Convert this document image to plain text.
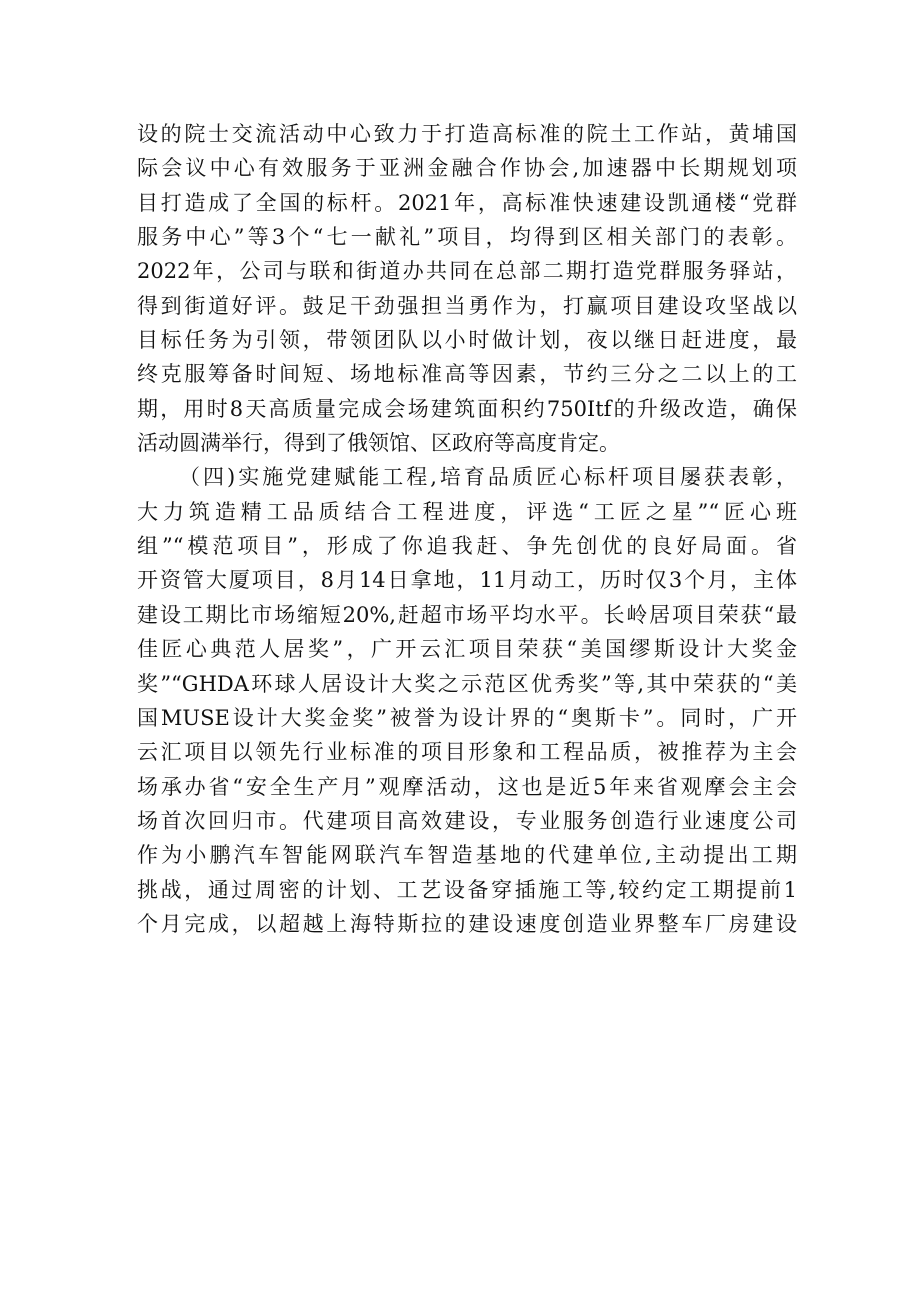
设的院士交流活动中心致力于打造高标准的院土工作站，黄埔国
际会议中心有效服务于亚洲金融合作协会,加速器中长期规划项
目打造成了全国的标杆。2021年，高标准快速建设凯通楼“党群
服务中心”等3个“七一献礼”项目，均得到区相关部门的表彰。
2022年，公司与联和街道办共同在总部二期打造党群服务驿站，
得到街道好评。鼓足干劲强担当勇作为，打赢项目建设攻坚战以
目标任务为引领，带领团队以小时做计划，夜以继日赶进度，最
终克服筹备时间短、场地标准高等因素，节约三分之二以上的工
期，用时8天高质量完成会场建筑面积约750Itf的升级改造，确保
活动圆满举行，得到了俄领馆、区政府等高度肯定。
（四)实施党建赋能工程,培育品质匠心标杆项目屡获表彰，
大力筑造精工品质结合工程进度，评选“工匠之星”“匠心班
组”“模范项目”，形成了你追我赶、争先创优的良好局面。省
开资管大厦项目，8月14日拿地，11月动工，历时仅3个月，主体
建设工期比市场缩短20%,赶超市场平均水平。长岭居项目荣获“最
佳匠心典范人居奖”，广开云汇项目荣获“美国缪斯设计大奖金
奖”“GHDA环球人居设计大奖之示范区优秀奖”等,其中荣获的“美
国MUSE设计大奖金奖”被誉为设计界的“奥斯卡”。同时，广开
云汇项目以领先行业标准的项目形象和工程品质，被推荐为主会
场承办省“安全生产月”观摩活动，这也是近5年来省观摩会主会
场首次回归市。代建项目高效建设，专业服务创造行业速度公司
作为小鹏汽车智能网联汽车智造基地的代建单位,主动提出工期
挑战，通过周密的计划、工艺设备穿插施工等,较约定工期提前1
个月完成，以超越上海特斯拉的建设速度创造业界整车厂房建设
